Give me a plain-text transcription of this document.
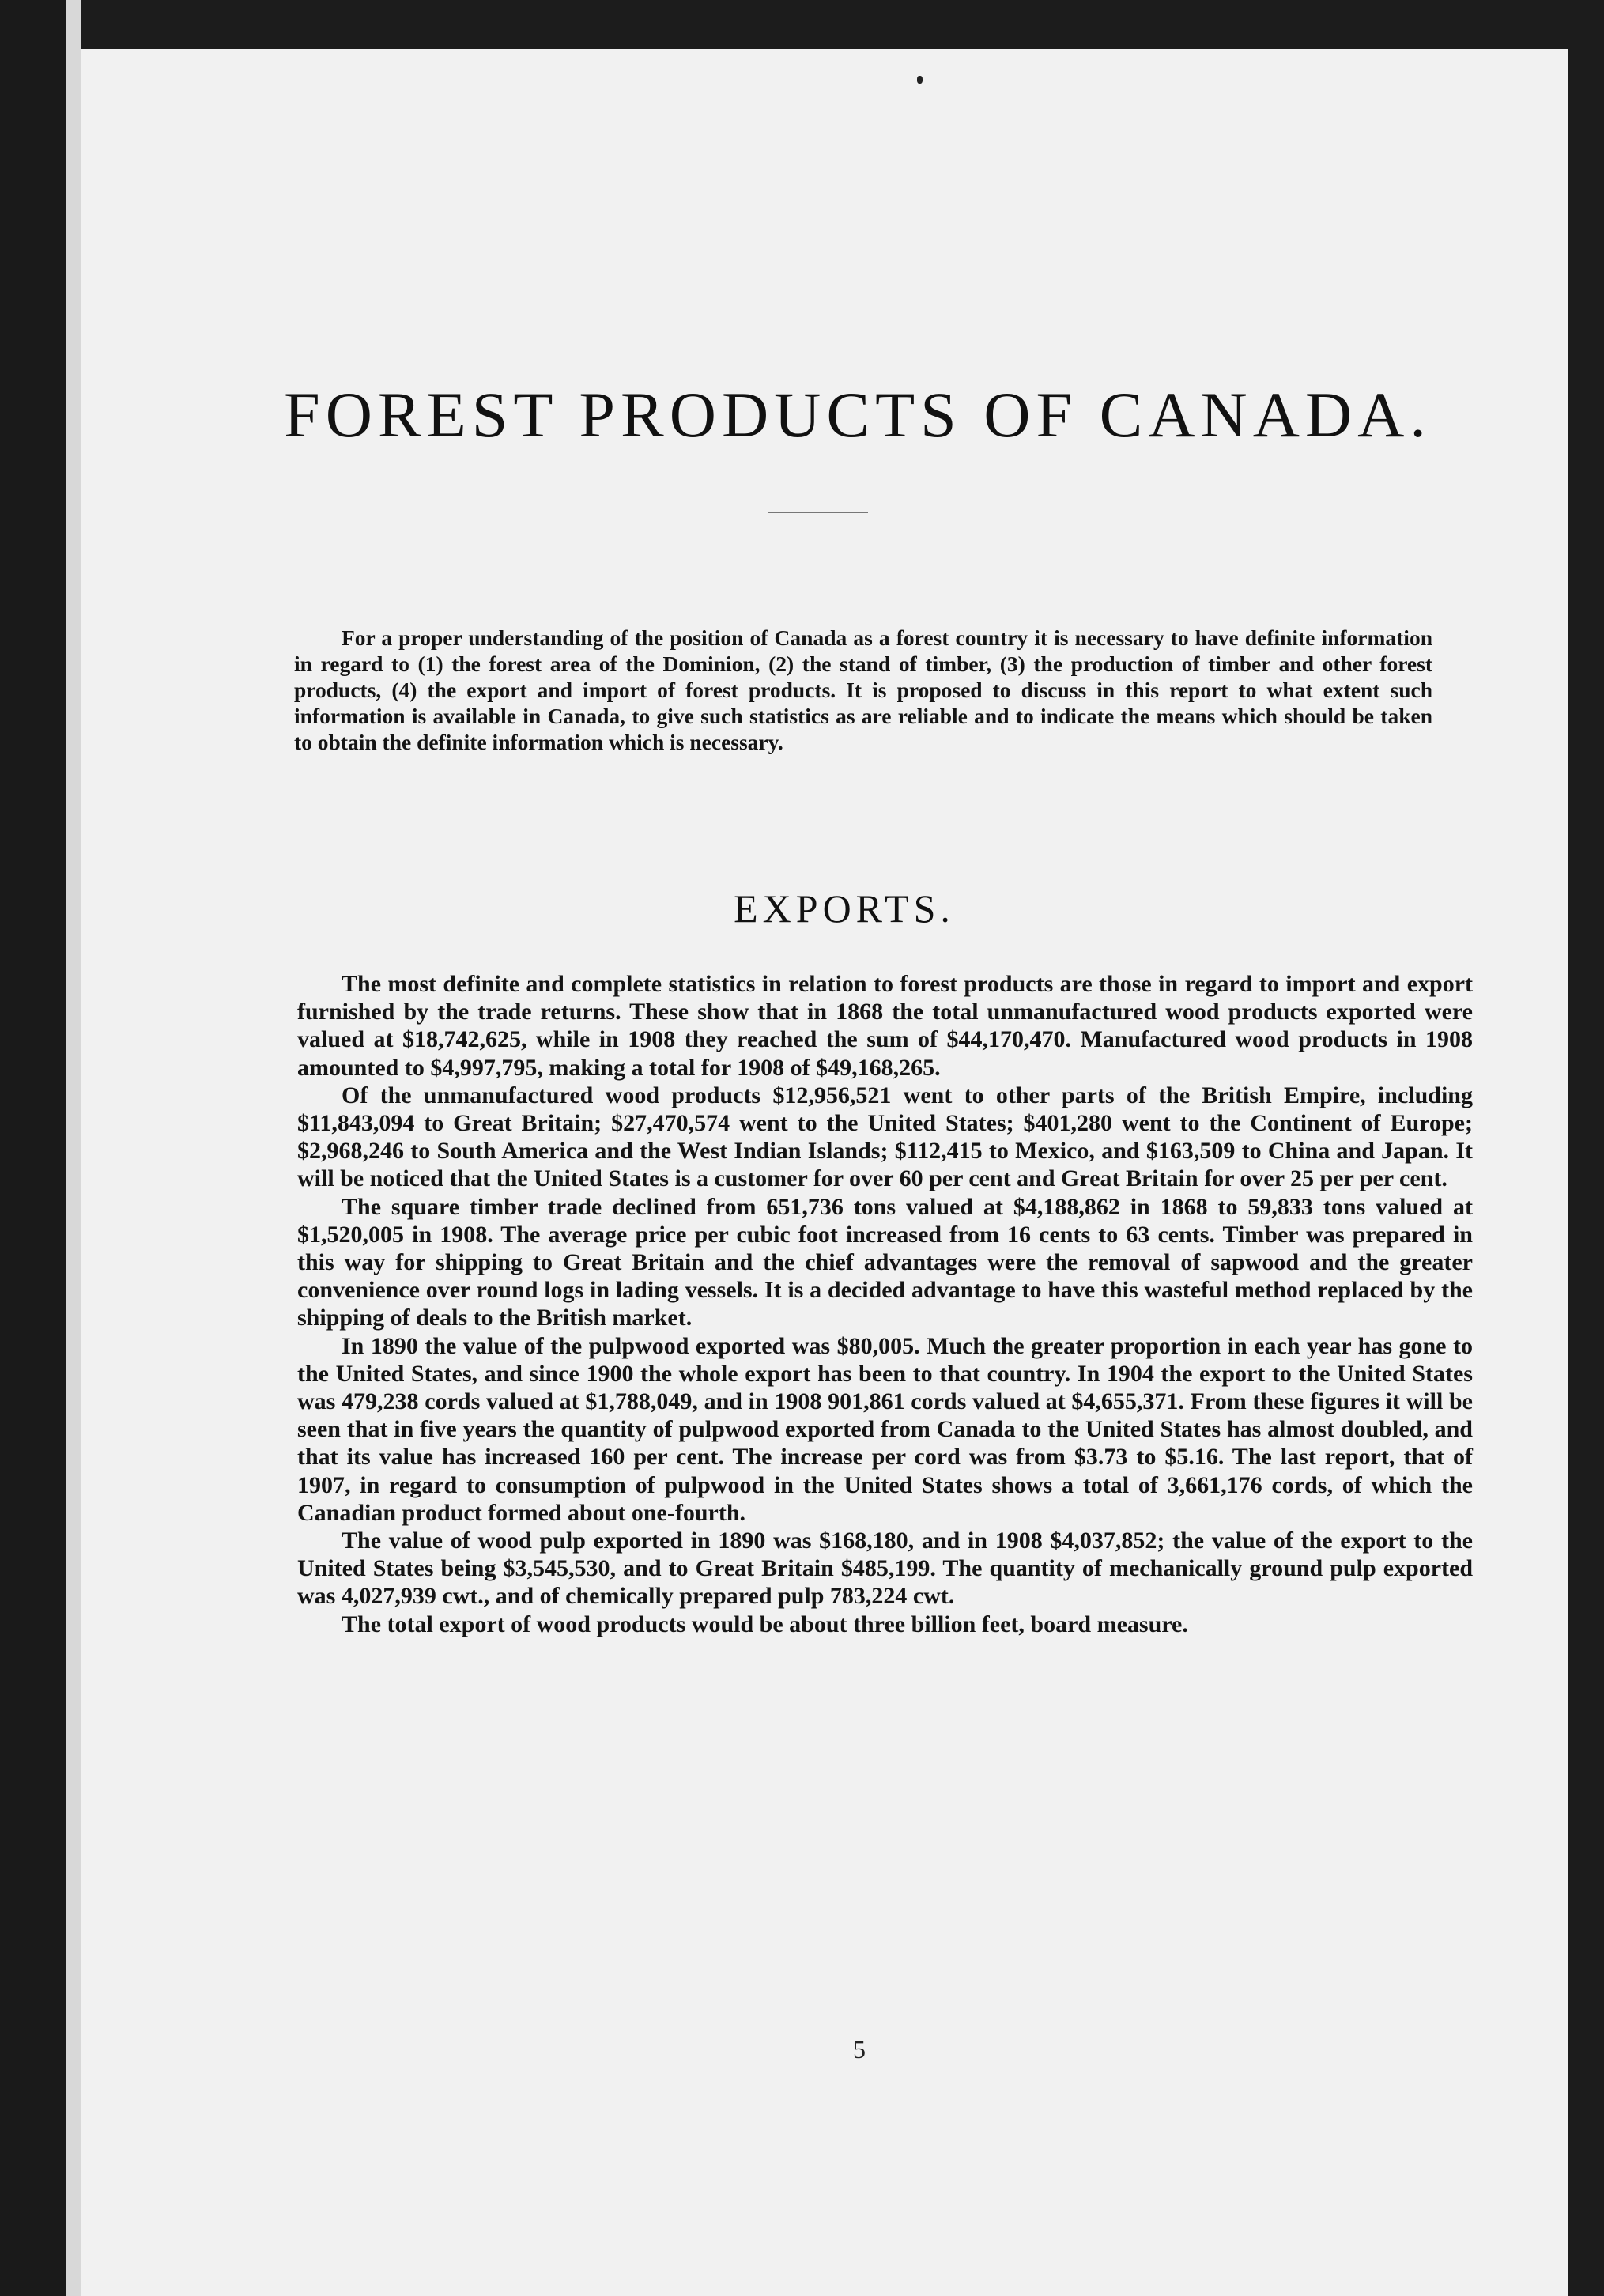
FOREST PRODUCTS OF CANADA.

For a proper understanding of the position of Canada as a forest country it is necessary to have definite information in regard to (1) the forest area of the Dominion, (2) the stand of timber, (3) the production of timber and other forest products, (4) the export and import of forest products. It is proposed to discuss in this report to what extent such information is available in Canada, to give such statistics as are reliable and to indicate the means which should be taken to obtain the definite information which is necessary.

EXPORTS.

The most definite and complete statistics in relation to forest products are those in regard to import and export furnished by the trade returns. These show that in 1868 the total unmanufactured wood products exported were valued at $18,742,625, while in 1908 they reached the sum of $44,170,470. Manufactured wood products in 1908 amounted to $4,997,795, making a total for 1908 of $49,168,265.

Of the unmanufactured wood products $12,956,521 went to other parts of the British Empire, including $11,843,094 to Great Britain; $27,470,574 went to the United States; $401,280 went to the Continent of Europe; $2,968,246 to South America and the West Indian Islands; $112,415 to Mexico, and $163,509 to China and Japan. It will be noticed that the United States is a customer for over 60 per cent and Great Britain for over 25 per per cent.

The square timber trade declined from 651,736 tons valued at $4,188,862 in 1868 to 59,833 tons valued at $1,520,005 in 1908. The average price per cubic foot increased from 16 cents to 63 cents. Timber was prepared in this way for shipping to Great Britain and the chief advantages were the removal of sapwood and the greater convenience over round logs in lading vessels. It is a decided advantage to have this wasteful method replaced by the shipping of deals to the British market.

In 1890 the value of the pulpwood exported was $80,005. Much the greater proportion in each year has gone to the United States, and since 1900 the whole export has been to that country. In 1904 the export to the United States was 479,238 cords valued at $1,788,049, and in 1908 901,861 cords valued at $4,655,371. From these figures it will be seen that in five years the quantity of pulpwood exported from Canada to the United States has almost doubled, and that its value has increased 160 per cent. The increase per cord was from $3.73 to $5.16. The last report, that of 1907, in regard to consumption of pulpwood in the United States shows a total of 3,661,176 cords, of which the Canadian product formed about one-fourth.

The value of wood pulp exported in 1890 was $168,180, and in 1908 $4,037,852; the value of the export to the United States being $3,545,530, and to Great Britain $485,199. The quantity of mechanically ground pulp exported was 4,027,939 cwt., and of chemically prepared pulp 783,224 cwt.

The total export of wood products would be about three billion feet, board measure.

5
